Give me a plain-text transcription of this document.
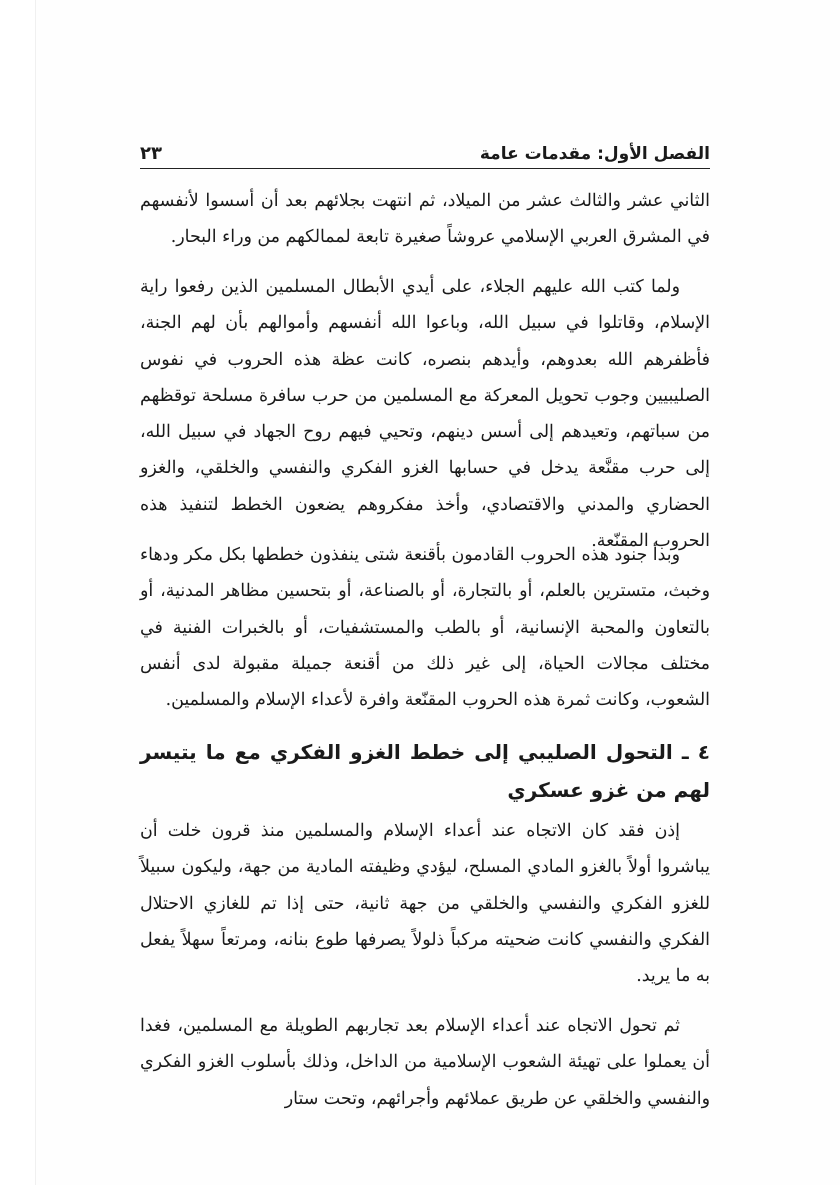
الفصل الأول: مقدمات عامة
٢٣

الثاني عشر والثالث عشر من الميلاد، ثم انتهت بجلائهم بعد أن أسسوا لأنفسهم في المشرق العربي الإسلامي عروشاً صغيرة تابعة لممالكهم من وراء البحار.

ولما كتب الله عليهم الجلاء، على أيدي الأبطال المسلمين الذين رفعوا راية الإسلام، وقاتلوا في سبيل الله، وباعوا الله أنفسهم وأموالهم بأن لهم الجنة، فأظفرهم الله بعدوهم، وأيدهم بنصره، كانت عظة هذه الحروب في نفوس الصليبيين وجوب تحويل المعركة مع المسلمين من حرب سافرة مسلحة توقظهم من سباتهم، وتعيدهم إلى أسس دينهم، وتحيي فيهم روح الجهاد في سبيل الله، إلى حرب مقنَّعة يدخل في حسابها الغزو الفكري والنفسي والخلقي، والغزو الحضاري والمدني والاقتصادي، وأخذ مفكروهم يضعون الخطط لتنفيذ هذه الحروب المقنّعة.

وبدأ جنود هذه الحروب القادمون بأقنعة شتى ينفذون خططها بكل مكر ودهاء وخبث، متسترين بالعلم، أو بالتجارة، أو بالصناعة، أو بتحسين مظاهر المدنية، أو بالتعاون والمحبة الإنسانية، أو بالطب والمستشفيات، أو بالخبرات الفنية في مختلف مجالات الحياة، إلى غير ذلك من أقنعة جميلة مقبولة لدى أنفس الشعوب، وكانت ثمرة هذه الحروب المقنّعة وافرة لأعداء الإسلام والمسلمين.

٤ ـ التحول الصليبي إلى خطط الغزو الفكري مع ما يتيسر لهم من غزو عسكري

إذن فقد كان الاتجاه عند أعداء الإسلام والمسلمين منذ قرون خلت أن يباشروا أولاً بالغزو المادي المسلح، ليؤدي وظيفته المادية من جهة، وليكون سبيلاً للغزو الفكري والنفسي والخلقي من جهة ثانية، حتى إذا تم للغازي الاحتلال الفكري والنفسي كانت ضحيته مركباً ذلولاً يصرفها طوع بنانه، ومرتعاً سهلاً يفعل به ما يريد.

ثم تحول الاتجاه عند أعداء الإسلام بعد تجاربهم الطويلة مع المسلمين، فغدا أن يعملوا على تهيئة الشعوب الإسلامية من الداخل، وذلك بأسلوب الغزو الفكري والنفسي والخلقي عن طريق عملائهم وأجرائهم، وتحت ستار
